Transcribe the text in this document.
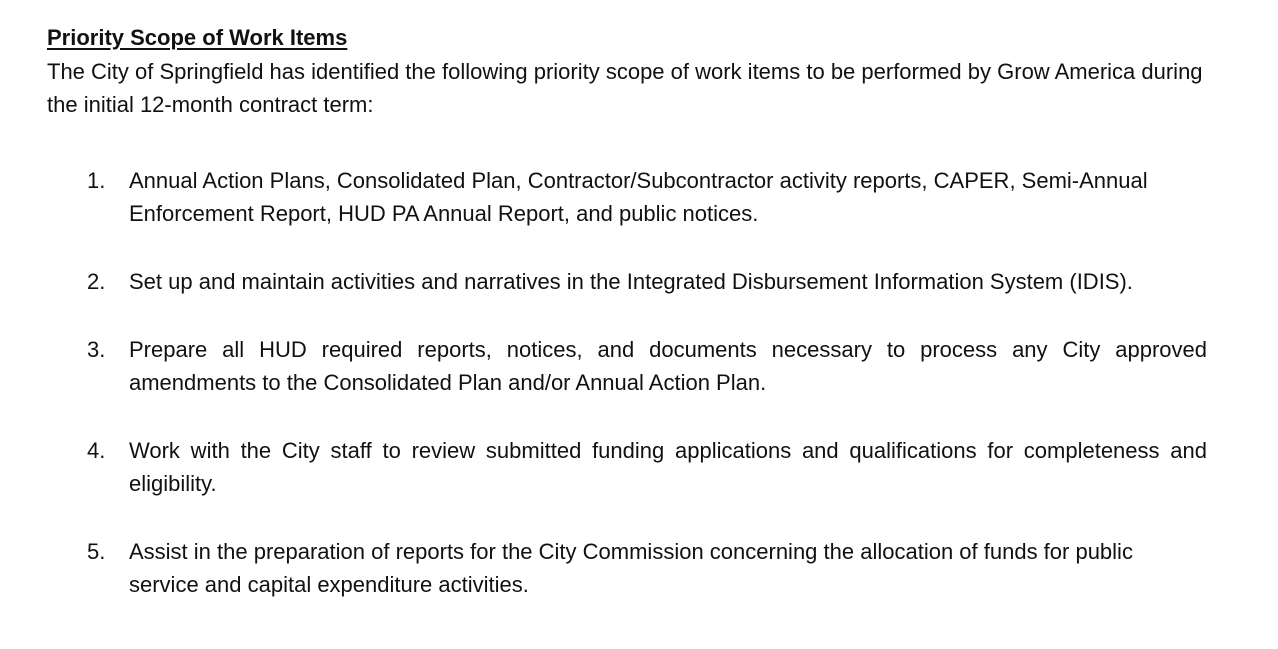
Priority Scope of Work Items

The City of Springfield has identified the following priority scope of work items to be performed by Grow America during the initial 12-month contract term:

1. Annual Action Plans, Consolidated Plan, Contractor/Subcontractor activity reports, CAPER, Semi-Annual Enforcement Report, HUD PA Annual Report, and public notices.
2. Set up and maintain activities and narratives in the Integrated Disbursement Information System (IDIS).
3. Prepare all HUD required reports, notices, and documents necessary to process any City approved amendments to the Consolidated Plan and/or Annual Action Plan.
4. Work with the City staff to review submitted funding applications and qualifications for completeness and eligibility.
5. Assist in the preparation of reports for the City Commission concerning the allocation of funds for public service and capital expenditure activities.
